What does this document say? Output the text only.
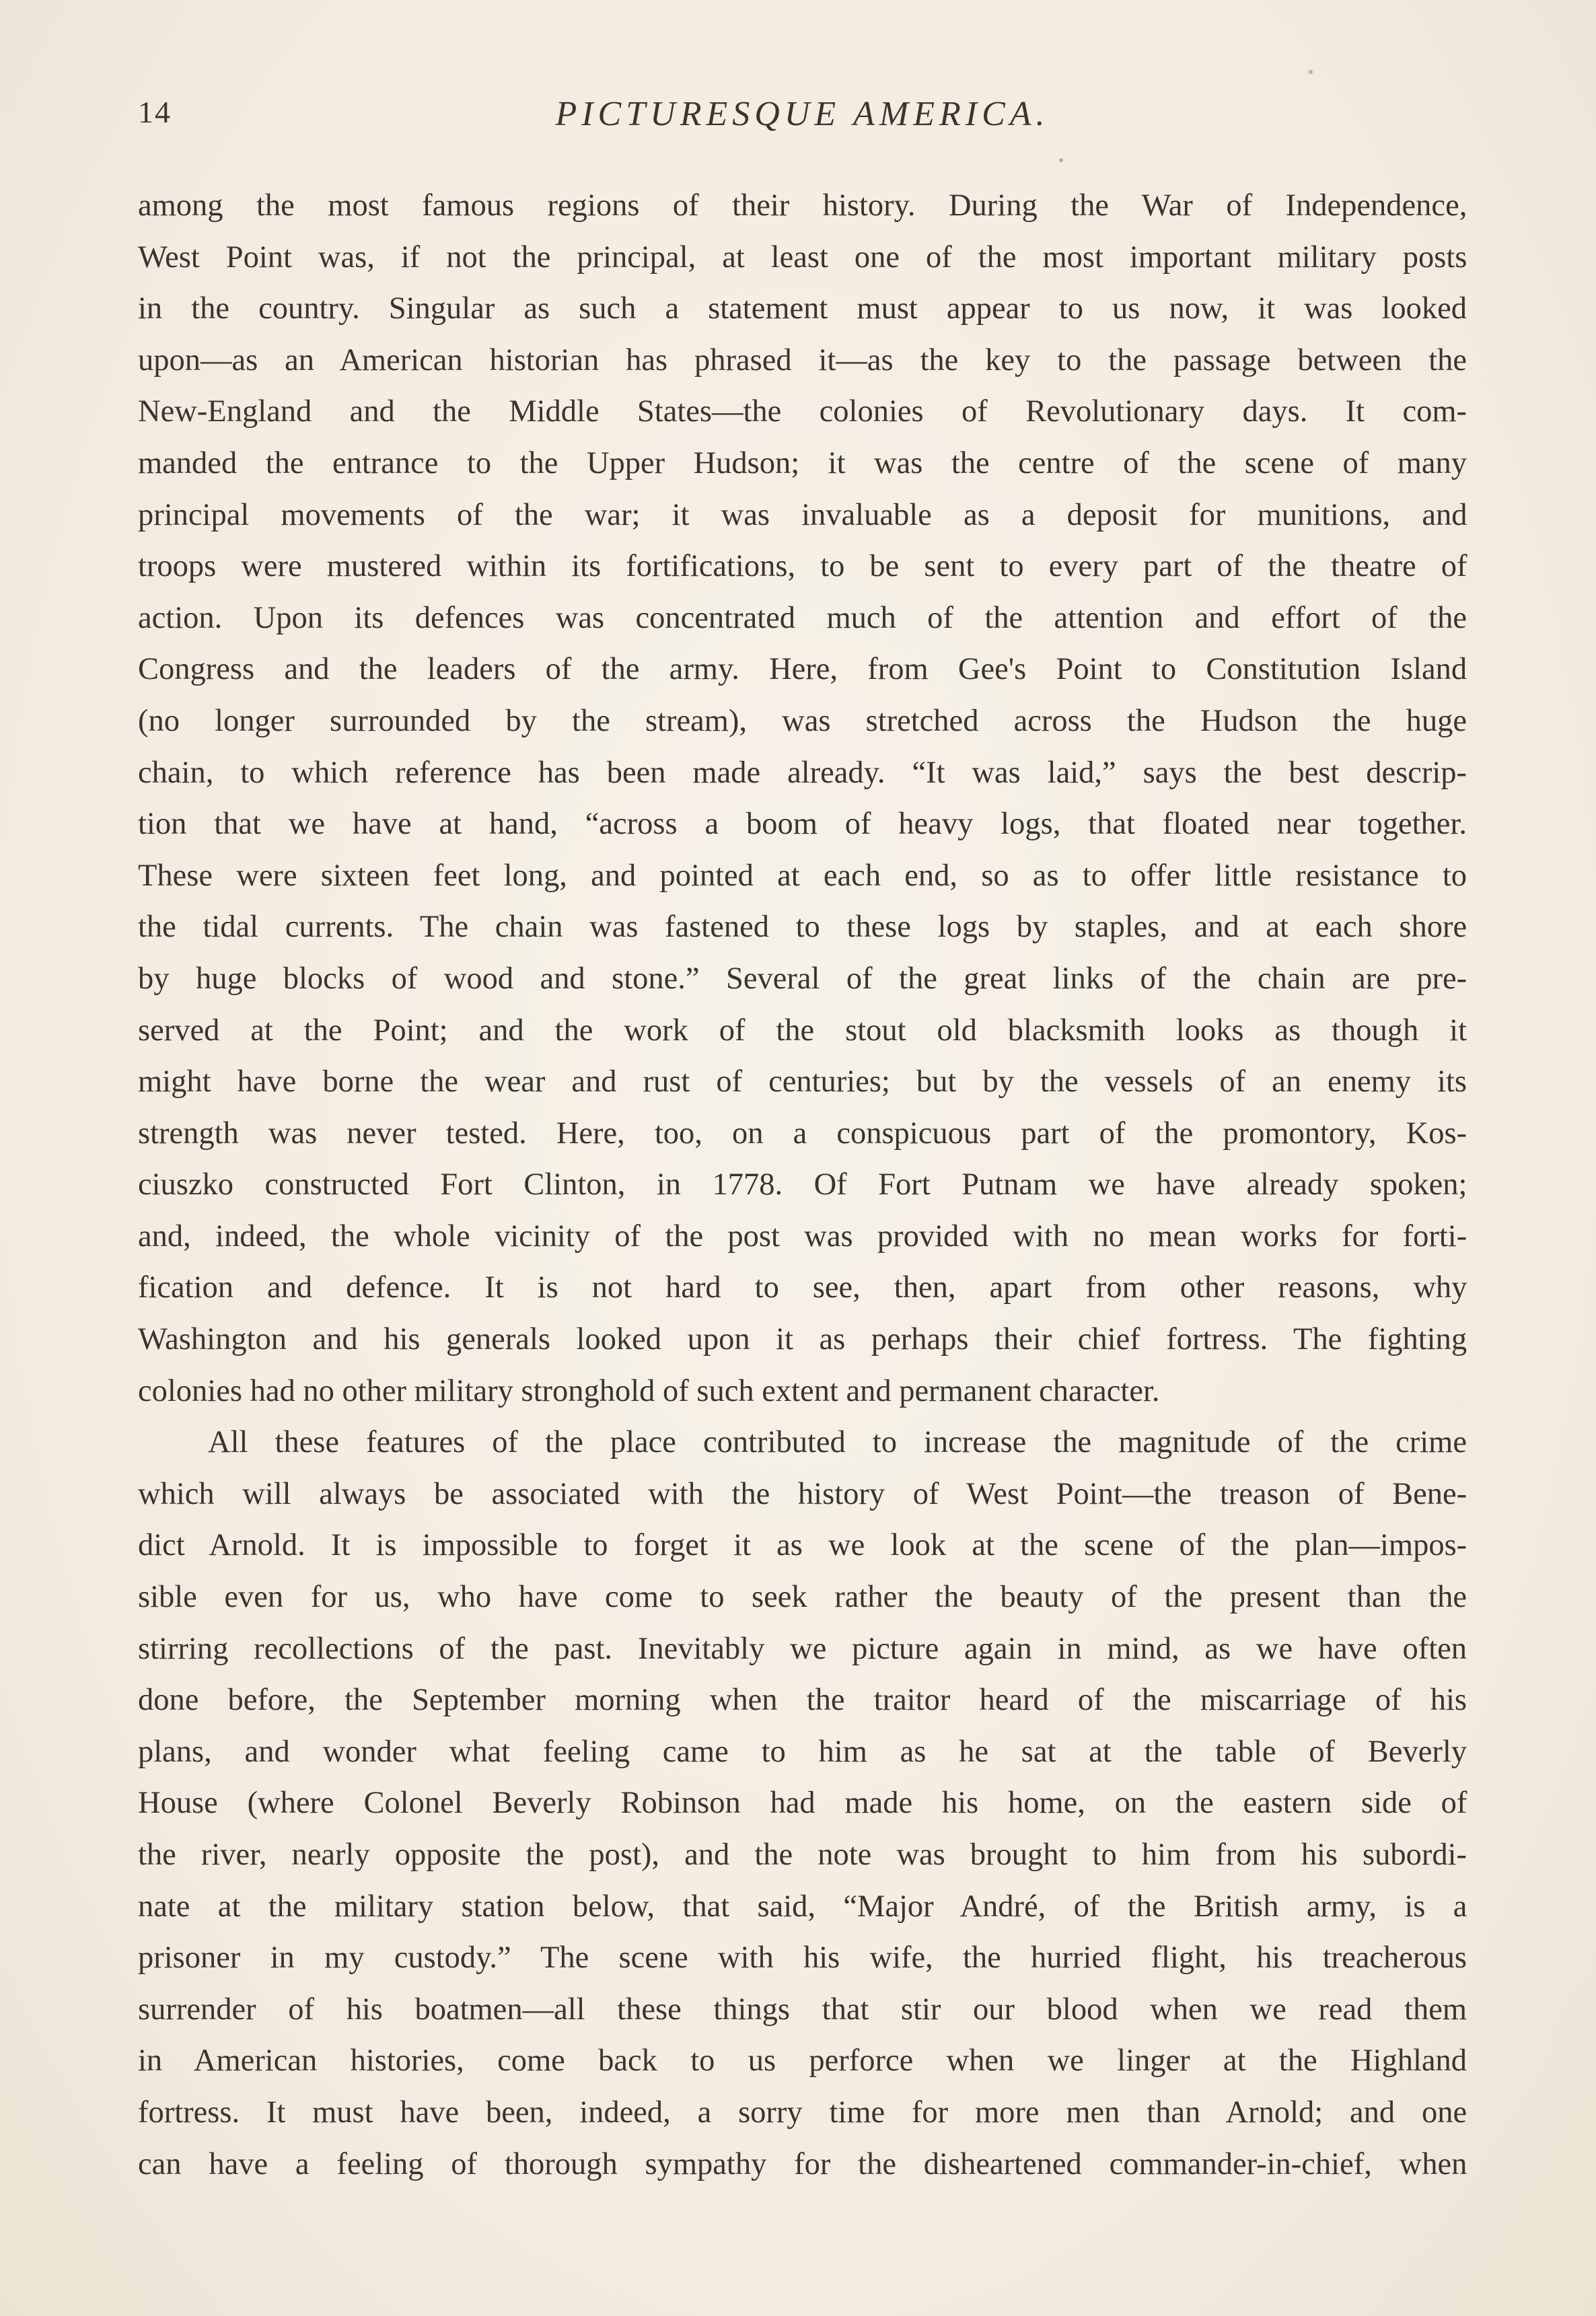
14	PICTURESQUE AMERICA.
among the most famous regions of their history. During the War of Independence,
West Point was, if not the principal, at least one of the most important military posts
in the country. Singular as such a statement must appear to us now, it was looked
upon—as an American historian has phrased it—as the key to the passage between the
New-England and the Middle States—the colonies of Revolutionary days. It com-
manded the entrance to the Upper Hudson; it was the centre of the scene of many
principal movements of the war; it was invaluable as a deposit for munitions, and
troops were mustered within its fortifications, to be sent to every part of the theatre of
action. Upon its defences was concentrated much of the attention and effort of the
Congress and the leaders of the army. Here, from Gee's Point to Constitution Island
(no longer surrounded by the stream), was stretched across the Hudson the huge
chain, to which reference has been made already. “It was laid,” says the best descrip-
tion that we have at hand, “across a boom of heavy logs, that floated near together.
These were sixteen feet long, and pointed at each end, so as to offer little resistance to
the tidal currents. The chain was fastened to these logs by staples, and at each shore
by huge blocks of wood and stone.” Several of the great links of the chain are pre-
served at the Point; and the work of the stout old blacksmith looks as though it
might have borne the wear and rust of centuries; but by the vessels of an enemy its
strength was never tested. Here, too, on a conspicuous part of the promontory, Kos-
ciuszko constructed Fort Clinton, in 1778. Of Fort Putnam we have already spoken;
and, indeed, the whole vicinity of the post was provided with no mean works for forti-
fication and defence. It is not hard to see, then, apart from other reasons, why
Washington and his generals looked upon it as perhaps their chief fortress. The fighting
colonies had no other military stronghold of such extent and permanent character.
All these features of the place contributed to increase the magnitude of the crime
which will always be associated with the history of West Point—the treason of Bene-
dict Arnold. It is impossible to forget it as we look at the scene of the plan—impos-
sible even for us, who have come to seek rather the beauty of the present than the
stirring recollections of the past. Inevitably we picture again in mind, as we have often
done before, the September morning when the traitor heard of the miscarriage of his
plans, and wonder what feeling came to him as he sat at the table of Beverly
House (where Colonel Beverly Robinson had made his home, on the eastern side of
the river, nearly opposite the post), and the note was brought to him from his subordi-
nate at the military station below, that said, “Major André, of the British army, is a
prisoner in my custody.” The scene with his wife, the hurried flight, his treacherous
surrender of his boatmen—all these things that stir our blood when we read them
in American histories, come back to us perforce when we linger at the Highland
fortress. It must have been, indeed, a sorry time for more men than Arnold; and one
can have a feeling of thorough sympathy for the disheartened commander-in-chief, when
